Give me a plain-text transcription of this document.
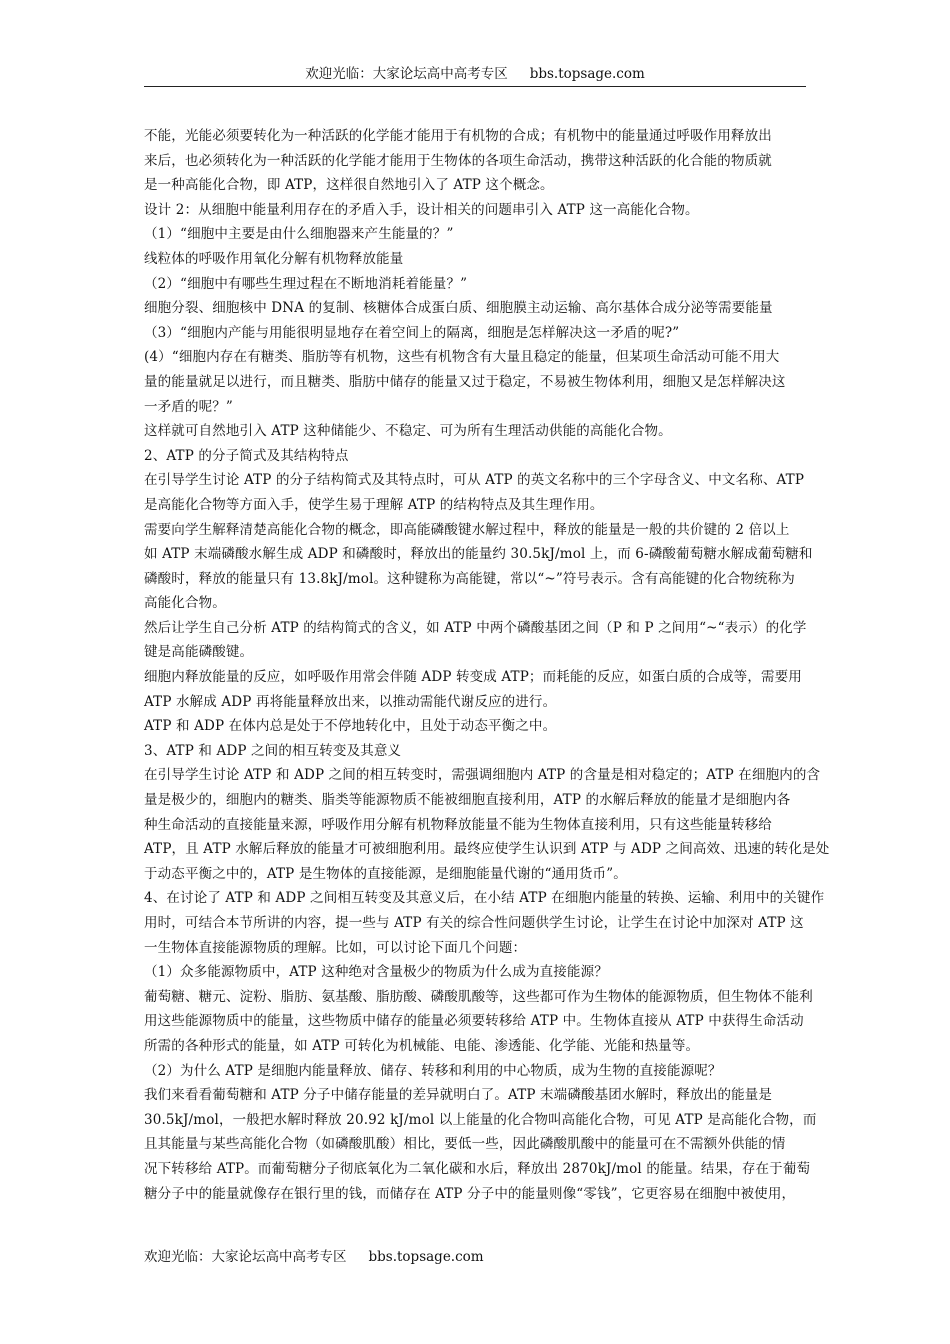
欢迎光临：大家论坛高中高考专区 bbs.topsage.com

不能，光能必须要转化为一种活跃的化学能才能用于有机物的合成；有机物中的能量通过呼吸作用释放出
来后，也必须转化为一种活跃的化学能才能用于生物体的各项生命活动，携带这种活跃的化合能的物质就
是一种高能化合物，即 ATP，这样很自然地引入了 ATP 这个概念。
设计 2：从细胞中能量利用存在的矛盾入手，设计相关的问题串引入 ATP 这一高能化合物。
（1）“细胞中主要是由什么细胞器来产生能量的？”
线粒体的呼吸作用氧化分解有机物释放能量
（2）“细胞中有哪些生理过程在不断地消耗着能量？”
细胞分裂、细胞核中 DNA 的复制、核糖体合成蛋白质、细胞膜主动运输、高尔基体合成分泌等需要能量
（3）“细胞内产能与用能很明显地存在着空间上的隔离，细胞是怎样解决这一矛盾的呢?”
(4）“细胞内存在有糖类、脂肪等有机物，这些有机物含有大量且稳定的能量，但某项生命活动可能不用大
量的能量就足以进行，而且糖类、脂肪中储存的能量又过于稳定，不易被生物体利用，细胞又是怎样解决这
一矛盾的呢？”
这样就可自然地引入 ATP 这种储能少、不稳定、可为所有生理活动供能的高能化合物。
2、ATP 的分子简式及其结构特点
在引导学生讨论 ATP 的分子结构简式及其特点时，可从 ATP 的英文名称中的三个字母含义、中文名称、ATP
是高能化合物等方面入手，使学生易于理解 ATP 的结构特点及其生理作用。
需要向学生解释清楚高能化合物的概念，即高能磷酸键水解过程中，释放的能量是一般的共价键的 2 倍以上
如 ATP 末端磷酸水解生成 ADP 和磷酸时，释放出的能量约 30.5kJ/mol 上，而 6-磷酸葡萄糖水解成葡萄糖和
磷酸时，释放的能量只有 13.8kJ/mol。这种键称为高能键，常以“~”符号表示。含有高能键的化合物统称为
高能化合物。
然后让学生自己分析 ATP 的结构简式的含义，如 ATP 中两个磷酸基团之间（P 和 P 之间用“~“表示）的化学
键是高能磷酸键。
细胞内释放能量的反应，如呼吸作用常会伴随 ADP 转变成 ATP；而耗能的反应，如蛋白质的合成等，需要用
ATP 水解成 ADP 再将能量释放出来，以推动需能代谢反应的进行。
ATP 和 ADP 在体内总是处于不停地转化中，且处于动态平衡之中。
3、ATP 和 ADP 之间的相互转变及其意义
在引导学生讨论 ATP 和 ADP 之间的相互转变时，需强调细胞内 ATP 的含量是相对稳定的；ATP 在细胞内的含
量是极少的，细胞内的糖类、脂类等能源物质不能被细胞直接利用，ATP 的水解后释放的能量才是细胞内各
种生命活动的直接能量来源，呼吸作用分解有机物释放能量不能为生物体直接利用，只有这些能量转移给
ATP，且 ATP 水解后释放的能量才可被细胞利用。最终应使学生认识到 ATP 与 ADP 之间高效、迅速的转化是处
于动态平衡之中的，ATP 是生物体的直接能源，是细胞能量代谢的“通用货币”。
4、在讨论了 ATP 和 ADP 之间相互转变及其意义后，在小结 ATP 在细胞内能量的转换、运输、利用中的关键作
用时，可结合本节所讲的内容，提一些与 ATP 有关的综合性问题供学生讨论，让学生在讨论中加深对 ATP 这
一生物体直接能源物质的理解。比如，可以讨论下面几个问题：
（1）众多能源物质中，ATP 这种绝对含量极少的物质为什么成为直接能源？
葡萄糖、糖元、淀粉、脂肪、氨基酸、脂肪酸、磷酸肌酸等，这些都可作为生物体的能源物质，但生物体不能利
用这些能源物质中的能量，这些物质中储存的能量必须要转移给 ATP 中。生物体直接从 ATP 中获得生命活动
所需的各种形式的能量，如 ATP 可转化为机械能、电能、渗透能、化学能、光能和热量等。
（2）为什么 ATP 是细胞内能量释放、储存、转移和利用的中心物质，成为生物的直接能源呢？
我们来看看葡萄糖和 ATP 分子中储存能量的差异就明白了。ATP 末端磷酸基团水解时，释放出的能量是
30.5kJ/mol，一般把水解时释放 20.92 kJ/mol 以上能量的化合物叫高能化合物，可见 ATP 是高能化合物，而
且其能量与某些高能化合物（如磷酸肌酸）相比，要低一些，因此磷酸肌酸中的能量可在不需额外供能的情
况下转移给 ATP。而葡萄糖分子彻底氧化为二氧化碳和水后，释放出 2870kJ/mol 的能量。结果，存在于葡萄
糖分子中的能量就像存在银行里的钱，而储存在 ATP 分子中的能量则像“零钱”，它更容易在细胞中被使用，

欢迎光临：大家论坛高中高考专区 bbs.topsage.com
